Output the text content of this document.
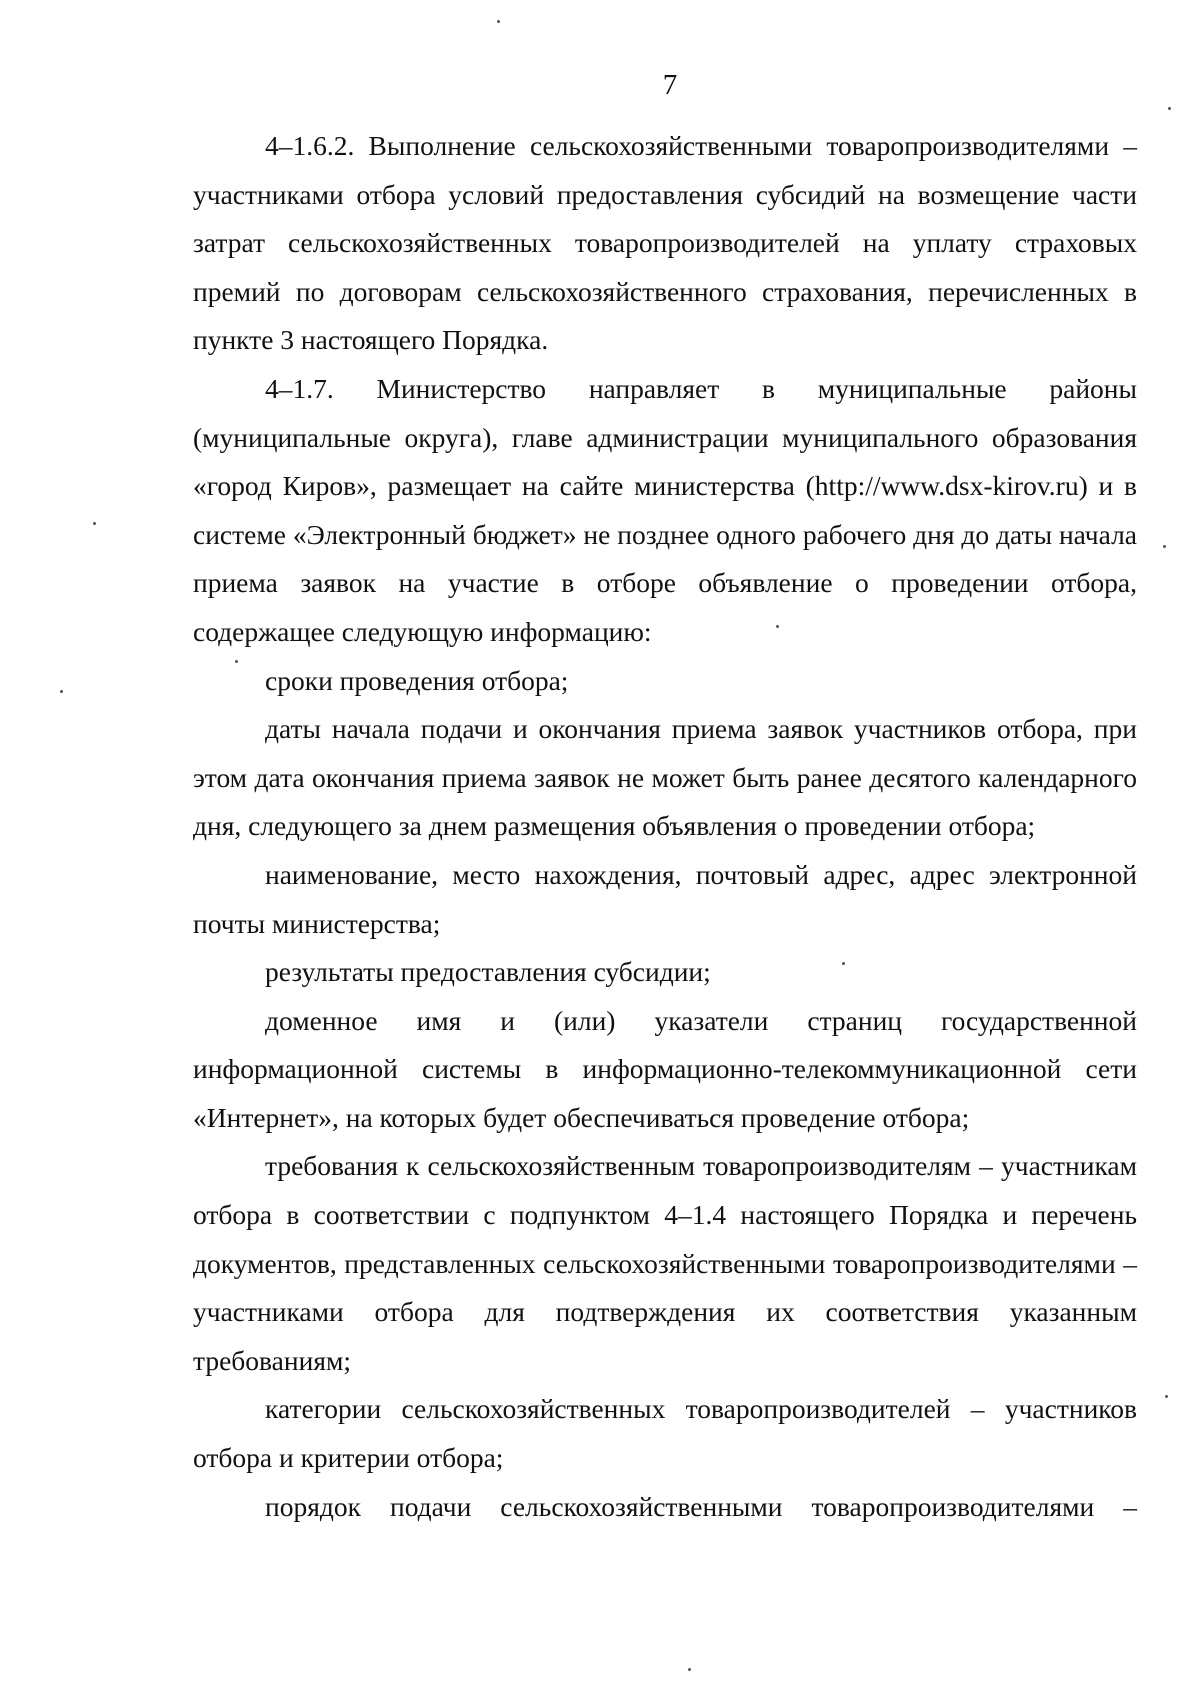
7

4–1.6.2. Выполнение сельскохозяйственными товаропроизводителями – участниками отбора условий предоставления субсидий на возмещение части затрат сельскохозяйственных товаропроизводителей на уплату страховых премий по договорам сельскохозяйственного страхования, перечисленных в пункте 3 настоящего Порядка.

4–1.7. Министерство направляет в муниципальные районы (муниципальные округа), главе администрации муниципального образования «город Киров», размещает на сайте министерства (http://www.dsx-kirov.ru) и в системе «Электронный бюджет» не позднее одного рабочего дня до даты начала приема заявок на участие в отборе объявление о проведении отбора, содержащее следующую информацию:

сроки проведения отбора;

даты начала подачи и окончания приема заявок участников отбора, при этом дата окончания приема заявок не может быть ранее десятого календарного дня, следующего за днем размещения объявления о проведении отбора;

наименование, место нахождения, почтовый адрес, адрес электронной почты министерства;

результаты предоставления субсидии;

доменное имя и (или) указатели страниц государственной информационной системы в информационно-телекоммуникационной сети «Интернет», на которых будет обеспечиваться проведение отбора;

требования к сельскохозяйственным товаропроизводителям – участникам отбора в соответствии с подпунктом 4–1.4 настоящего Порядка и перечень документов, представленных сельскохозяйственными товаропроизводителями – участниками отбора для подтверждения их соответствия указанным требованиям;

категории сельскохозяйственных товаропроизводителей – участников отбора и критерии отбора;

порядок подачи сельскохозяйственными товаропроизводителями –
